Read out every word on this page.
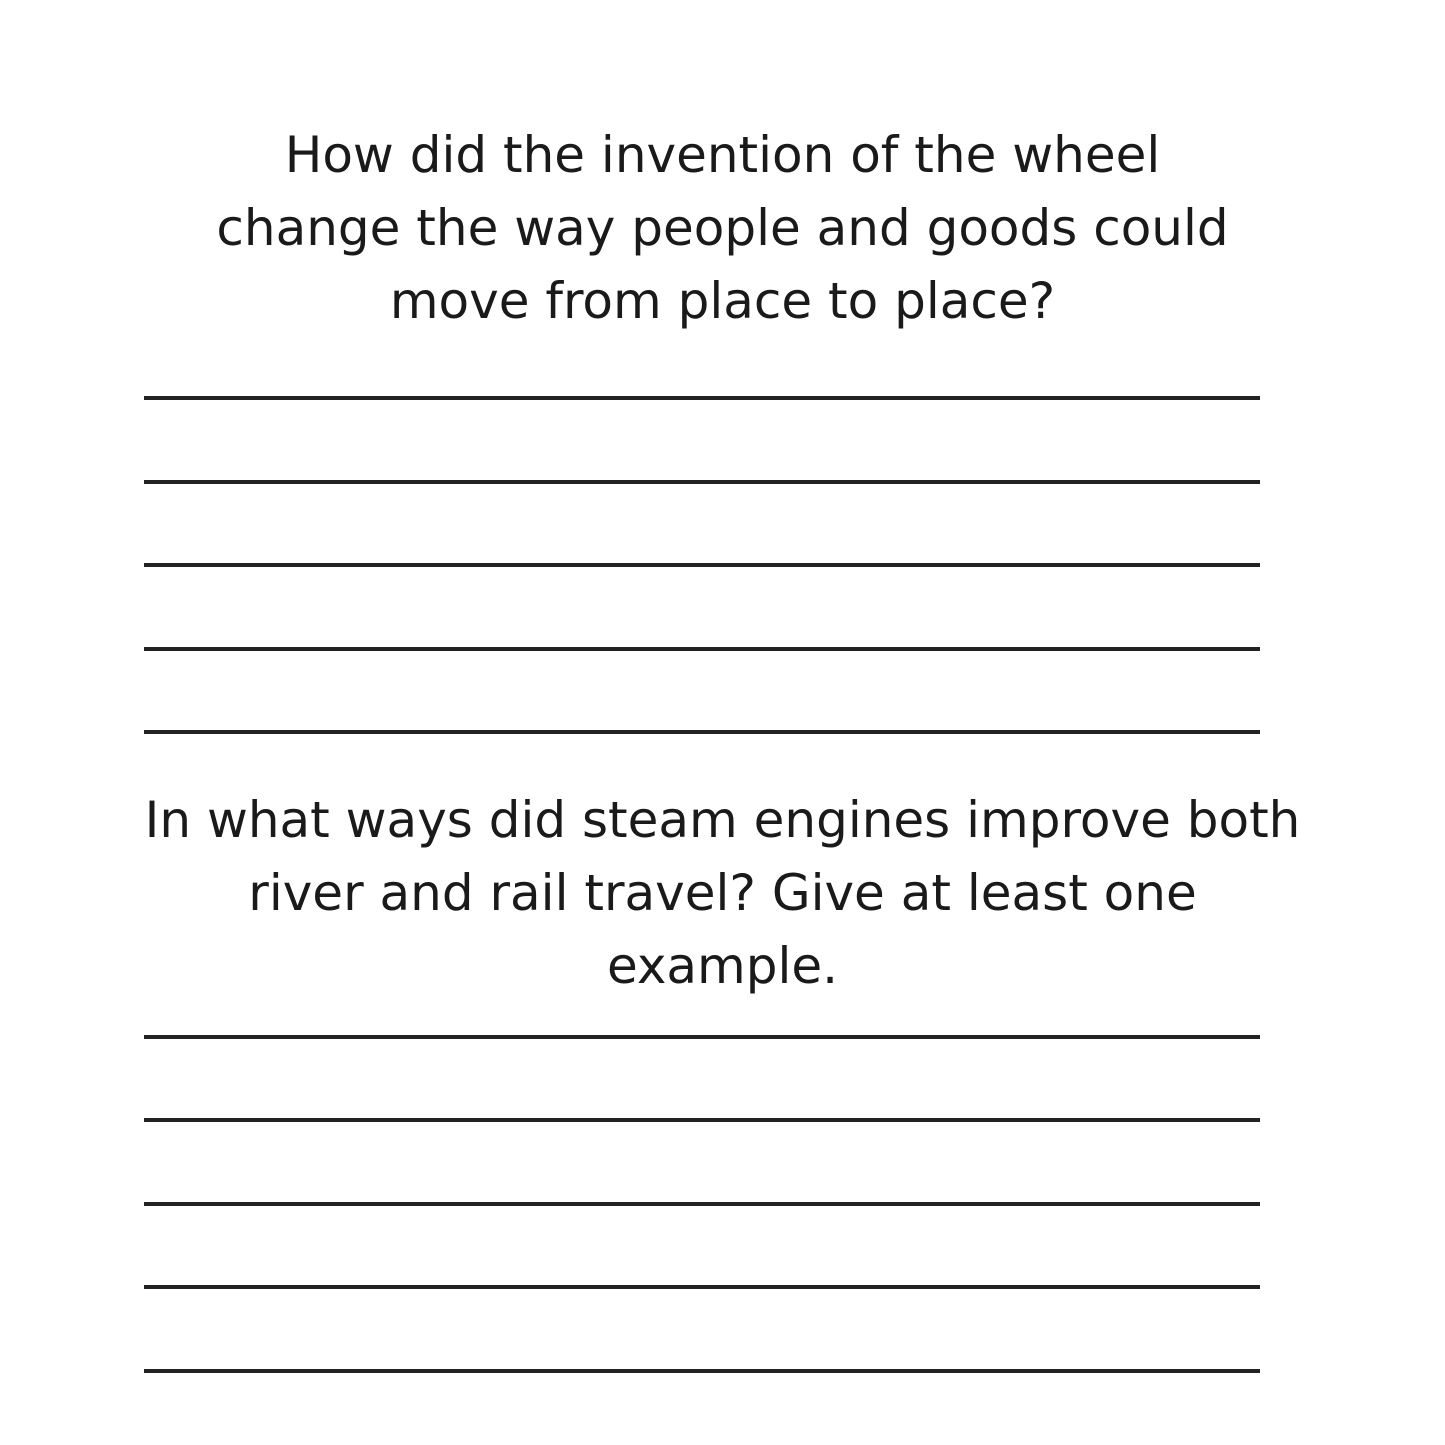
How did the invention of the wheel
change the way people and goods could
move from place to place?
In what ways did steam engines improve both
river and rail travel? Give at least one
example.
